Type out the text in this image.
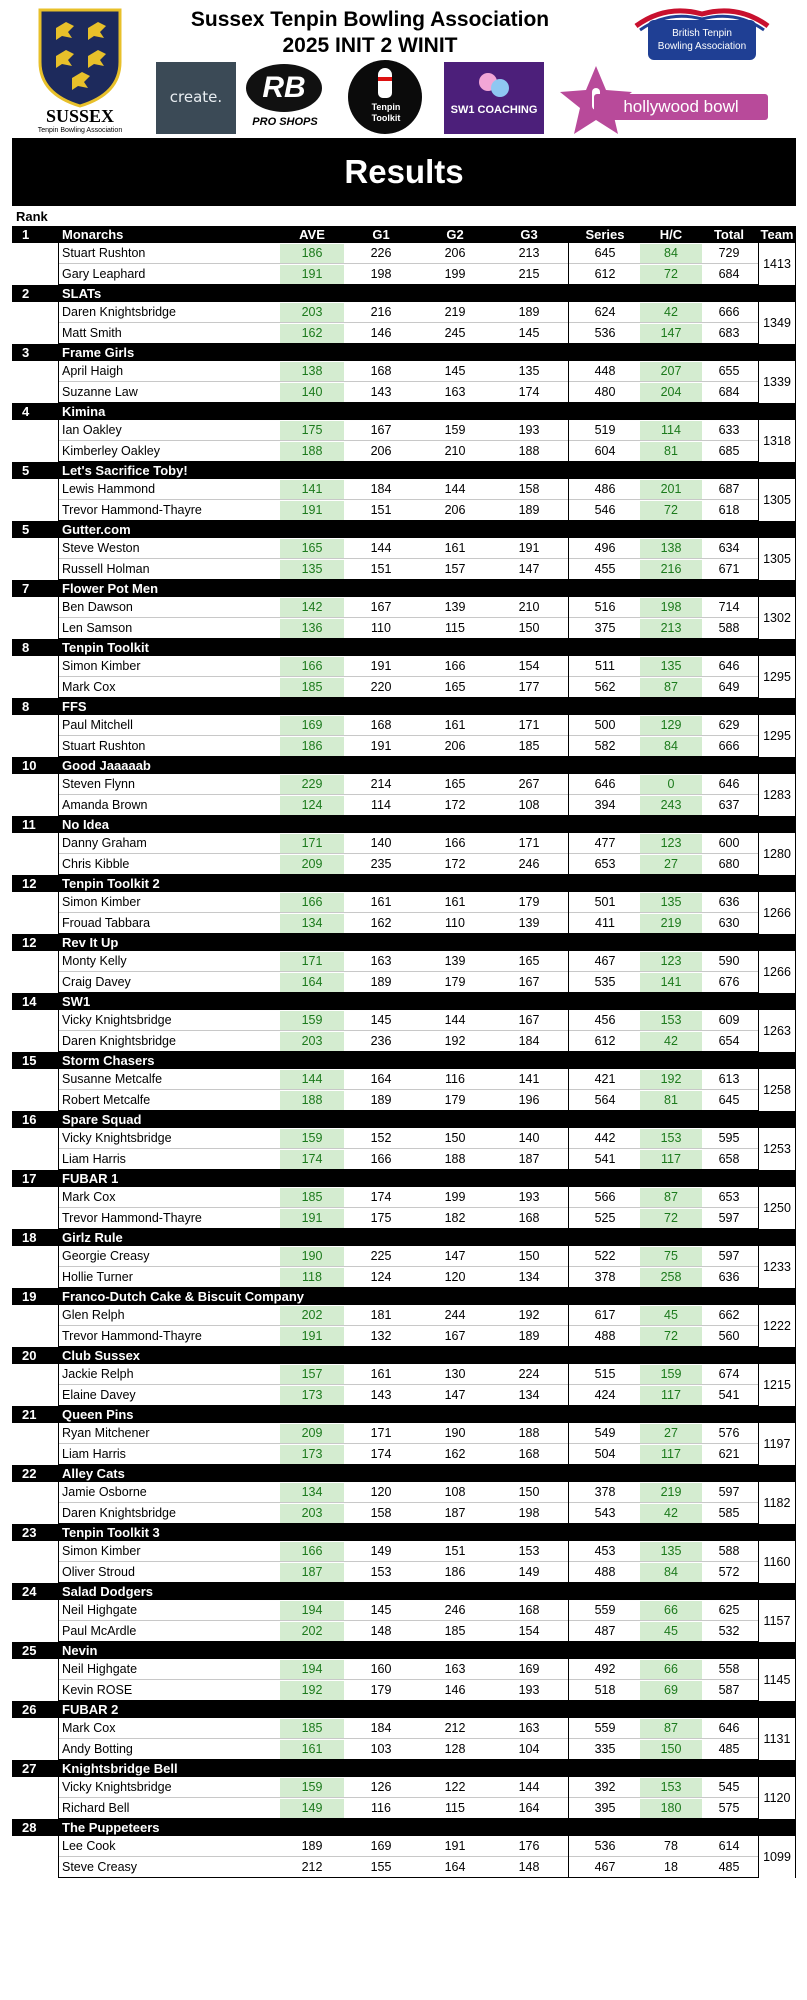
SUSSEX
Tenpin Bowling Association
Sussex Tenpin Bowling Association
2025 INIT 2 WINIT
create.	RB
PRO SHOPS
Tenpin
Toolkit
SW1 COACHING	hollywood bowl
British Tenpin
Bowling Association
Results
Rank
1	Monarchs	AVE	G1	G2	G3	Series	H/C	Total	Team
Stuart Rushton	186	226	206	213	645	84	729
Gary Leaphard	191	198	199	215	612	72	684
1413
2	SLATs
Daren Knightsbridge	203	216	219	189	624	42	666
Matt Smith	162	146	245	145	536	147	683
1349
3	Frame Girls
April Haigh	138	168	145	135	448	207	655
Suzanne Law	140	143	163	174	480	204	684
1339
4	Kimina
Ian Oakley	175	167	159	193	519	114	633
Kimberley Oakley	188	206	210	188	604	81	685
1318
5	Let's Sacrifice Toby!
Lewis Hammond	141	184	144	158	486	201	687
Trevor Hammond-Thayre	191	151	206	189	546	72	618
1305
5	Gutter.com
Steve Weston	165	144	161	191	496	138	634
Russell Holman	135	151	157	147	455	216	671
1305
7	Flower Pot Men
Ben Dawson	142	167	139	210	516	198	714
Len Samson	136	110	115	150	375	213	588
1302
8	Tenpin Toolkit
Simon Kimber	166	191	166	154	511	135	646
Mark Cox	185	220	165	177	562	87	649
1295
8	FFS
Paul Mitchell	169	168	161	171	500	129	629
Stuart Rushton	186	191	206	185	582	84	666
1295
10	Good Jaaaaab
Steven Flynn	229	214	165	267	646	0	646
Amanda Brown	124	114	172	108	394	243	637
1283
11	No Idea
Danny Graham	171	140	166	171	477	123	600
Chris Kibble	209	235	172	246	653	27	680
1280
12	Tenpin Toolkit 2
Simon Kimber	166	161	161	179	501	135	636
Frouad Tabbara	134	162	110	139	411	219	630
1266
12	Rev It Up
Monty Kelly	171	163	139	165	467	123	590
Craig Davey	164	189	179	167	535	141	676
1266
14	SW1
Vicky Knightsbridge	159	145	144	167	456	153	609
Daren Knightsbridge	203	236	192	184	612	42	654
1263
15	Storm Chasers
Susanne Metcalfe	144	164	116	141	421	192	613
Robert Metcalfe	188	189	179	196	564	81	645
1258
16	Spare Squad
Vicky Knightsbridge	159	152	150	140	442	153	595
Liam Harris	174	166	188	187	541	117	658
1253
17	FUBAR 1
Mark Cox	185	174	199	193	566	87	653
Trevor Hammond-Thayre	191	175	182	168	525	72	597
1250
18	Girlz Rule
Georgie Creasy	190	225	147	150	522	75	597
Hollie Turner	118	124	120	134	378	258	636
1233
19	Franco-Dutch Cake & Biscuit Company
Glen Relph	202	181	244	192	617	45	662
Trevor Hammond-Thayre	191	132	167	189	488	72	560
1222
20	Club Sussex
Jackie Relph	157	161	130	224	515	159	674
Elaine Davey	173	143	147	134	424	117	541
1215
21	Queen Pins
Ryan Mitchener	209	171	190	188	549	27	576
Liam Harris	173	174	162	168	504	117	621
1197
22	Alley Cats
Jamie Osborne	134	120	108	150	378	219	597
Daren Knightsbridge	203	158	187	198	543	42	585
1182
23	Tenpin Toolkit 3
Simon Kimber	166	149	151	153	453	135	588
Oliver Stroud	187	153	186	149	488	84	572
1160
24	Salad Dodgers
Neil Highgate	194	145	246	168	559	66	625
Paul McArdle	202	148	185	154	487	45	532
1157
25	Nevin
Neil Highgate	194	160	163	169	492	66	558
Kevin ROSE	192	179	146	193	518	69	587
1145
26	FUBAR 2
Mark Cox	185	184	212	163	559	87	646
Andy Botting	161	103	128	104	335	150	485
1131
27	Knightsbridge Bell
Vicky Knightsbridge	159	126	122	144	392	153	545
Richard Bell	149	116	115	164	395	180	575
1120
28	The Puppeteers
Lee Cook	189	169	191	176	536	78	614
Steve Creasy	212	155	164	148	467	18	485
1099
